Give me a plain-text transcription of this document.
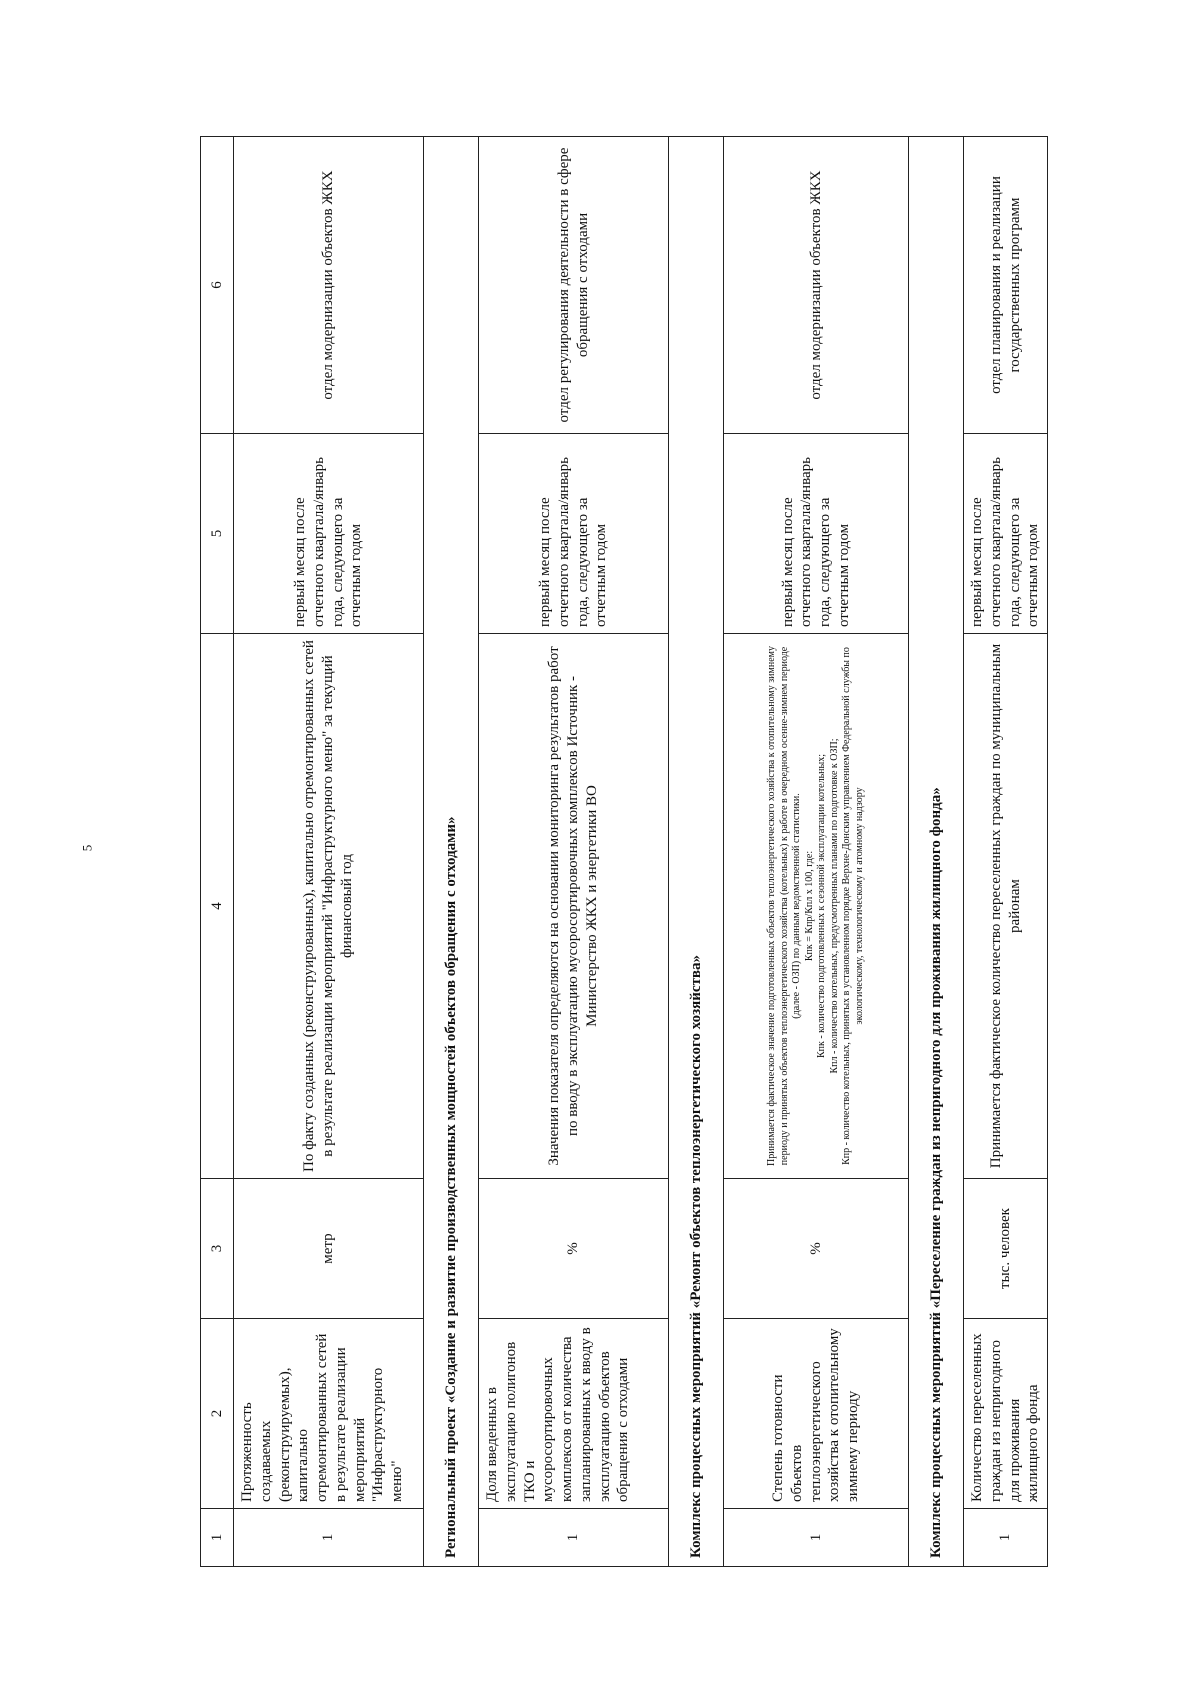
5
1	2	3	4	5	6
1	Протяженность создаваемых (реконструируемых), капитально отремонтированных сетей в результате реализации мероприятий "Инфраструктурного меню"	метр	По факту созданных (реконструированных), капитально отремонтированных сетей в результате реализации мероприятий "Инфраструктурного меню" за текущий финансовый год	первый месяц после отчетного квартала/январь года, следующего за отчетным годом	отдел модернизации объектов ЖКХ
Региональный проект «Создание и развитие производственных мощностей объектов обращения с отходами»					
1	Доля введенных в эксплуатацию полигонов ТКО и мусоросортировочных комплексов от количества запланированных к вводу в эксплуатацию объектов обращения с отходами	%	Значения показателя определяются на основании мониторинга результатов работ по вводу в эксплуатацию мусоросортировочных комплексов Источник - Министерство ЖКХ и энергетики ВО	первый месяц после отчетного квартала/январь года, следующего за отчетным годом	отдел регулирования деятельности в сфере обращения с отходами
Комплекс процессных мероприятий «Ремонт объектов теплоэнергетического хозяйства»					
1	Степень готовности объектов теплоэнергетического хозяйства к отопительному зимнему периоду	%	Принимается фактическое значение подготовленных объектов теплоэнергетического хозяйства к отопительному зимнему периоду и принятых объектов теплоэнергетического хозяйства (котельных) к работе в очередном осенне-зимнем периоде (далее - ОЗП) по данным ведомственной статистики. Кпк = Кпр/Кпл х 100, где: Кпк - количество подготовленных к сезонной эксплуатации котельных; Кпл - количество котельных, предусмотренных планами по подготовке к ОЗП; Кпр - количество котельных, принятых в установленном порядке Верхне-Донским управлением Федеральной службы по экологическому, технологическому и атомному надзору	первый месяц после отчетного квартала/январь года, следующего за отчетным годом	отдел модернизации объектов ЖКХ
Комплекс процессных мероприятий «Переселение граждан из непригодного для проживания жилищного фонда»					
1	Количество переселенных граждан из непригодного для проживания жилищного фонда	тыс. человек	Принимается фактическое количество переселенных граждан по муниципальным районам	первый месяц после отчетного квартала/январь года, следующего за отчетным годом	отдел планирования и реализации государственных программ
